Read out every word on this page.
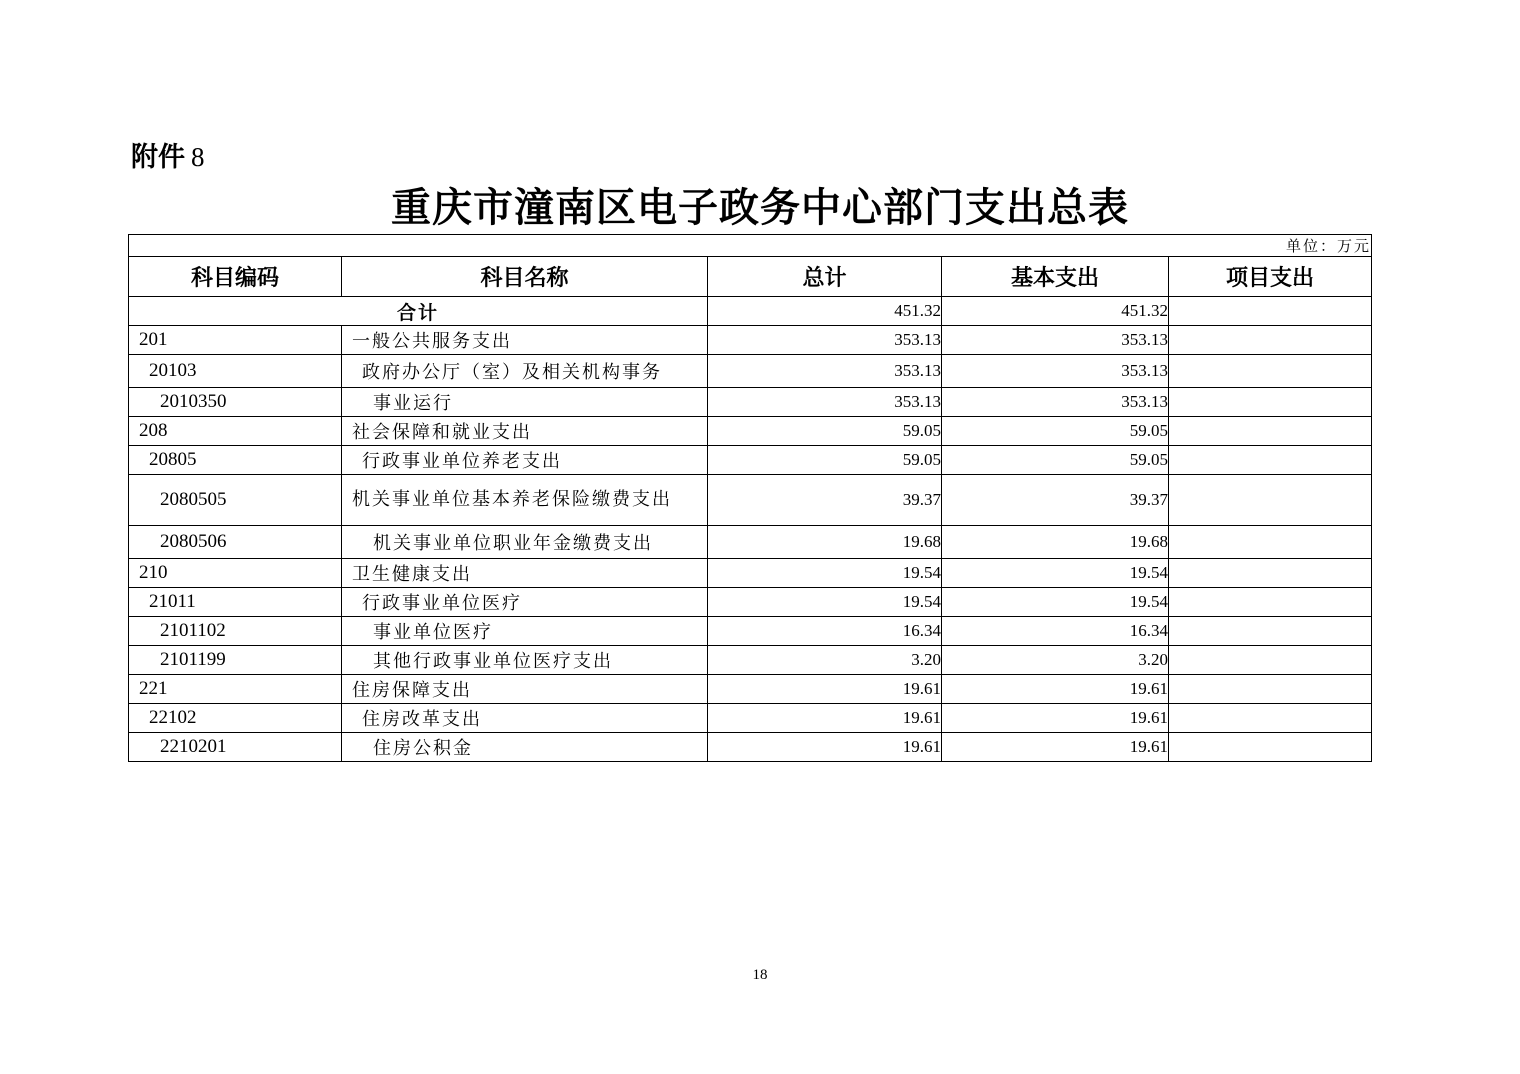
附件 8
重庆市潼南区电子政务中心部门支出总表
单位：万元				
科目编码	科目名称	总计	基本支出	项目支出
合计		451.32	451.32	
201	一般公共服务支出	353.13	353.13	
20103	政府办公厅（室）及相关机构事务	353.13	353.13	
2010350	事业运行	353.13	353.13	
208	社会保障和就业支出	59.05	59.05	
20805	行政事业单位养老支出	59.05	59.05	
2080505	机关事业单位基本养老保险缴费支出	39.37	39.37	
2080506	机关事业单位职业年金缴费支出	19.68	19.68	
210	卫生健康支出	19.54	19.54	
21011	行政事业单位医疗	19.54	19.54	
2101102	事业单位医疗	16.34	16.34	
2101199	其他行政事业单位医疗支出	3.20	3.20	
221	住房保障支出	19.61	19.61	
22102	住房改革支出	19.61	19.61	
2210201	住房公积金	19.61	19.61	
18
